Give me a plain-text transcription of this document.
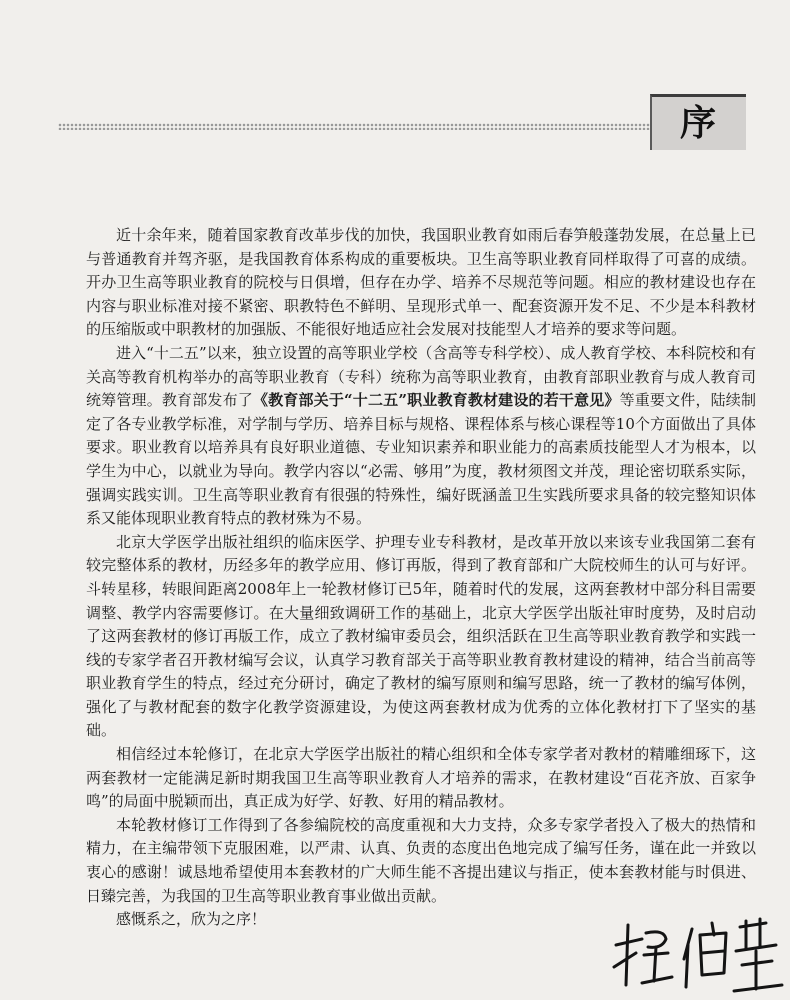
序

近十余年来，随着国家教育改革步伐的加快，我国职业教育如雨后春笋般蓬勃发展，在总量上已与普通教育并驾齐驱，是我国教育体系构成的重要板块。卫生高等职业教育同样取得了可喜的成绩。开办卫生高等职业教育的院校与日俱增，但存在办学、培养不尽规范等问题。相应的教材建设也存在内容与职业标准对接不紧密、职教特色不鲜明、呈现形式单一、配套资源开发不足、不少是本科教材的压缩版或中职教材的加强版、不能很好地适应社会发展对技能型人才培养的要求等问题。

进入“十二五”以来，独立设置的高等职业学校（含高等专科学校）、成人教育学校、本科院校和有关高等教育机构举办的高等职业教育（专科）统称为高等职业教育，由教育部职业教育与成人教育司统筹管理。教育部发布了《教育部关于“十二五”职业教育教材建设的若干意见》等重要文件，陆续制定了各专业教学标准，对学制与学历、培养目标与规格、课程体系与核心课程等10个方面做出了具体要求。职业教育以培养具有良好职业道德、专业知识素养和职业能力的高素质技能型人才为根本，以学生为中心，以就业为导向。教学内容以“必需、够用”为度，教材须图文并茂，理论密切联系实际，强调实践实训。卫生高等职业教育有很强的特殊性，编好既涵盖卫生实践所要求具备的较完整知识体系又能体现职业教育特点的教材殊为不易。

北京大学医学出版社组织的临床医学、护理专业专科教材，是改革开放以来该专业我国第二套有较完整体系的教材，历经多年的教学应用、修订再版，得到了教育部和广大院校师生的认可与好评。斗转星移，转眼间距离2008年上一轮教材修订已5年，随着时代的发展，这两套教材中部分科目需要调整、教学内容需要修订。在大量细致调研工作的基础上，北京大学医学出版社审时度势，及时启动了这两套教材的修订再版工作，成立了教材编审委员会，组织活跃在卫生高等职业教育教学和实践一线的专家学者召开教材编写会议，认真学习教育部关于高等职业教育教材建设的精神，结合当前高等职业教育学生的特点，经过充分研讨，确定了教材的编写原则和编写思路，统一了教材的编写体例，强化了与教材配套的数字化教学资源建设，为使这两套教材成为优秀的立体化教材打下了坚实的基础。

相信经过本轮修订，在北京大学医学出版社的精心组织和全体专家学者对教材的精雕细琢下，这两套教材一定能满足新时期我国卫生高等职业教育人才培养的需求，在教材建设“百花齐放、百家争鸣”的局面中脱颖而出，真正成为好学、好教、好用的精品教材。

本轮教材修订工作得到了各参编院校的高度重视和大力支持，众多专家学者投入了极大的热情和精力，在主编带领下克服困难，以严肃、认真、负责的态度出色地完成了编写任务，谨在此一并致以衷心的感谢！诚恳地希望使用本套教材的广大师生能不吝提出建议与指正，使本套教材能与时俱进、日臻完善，为我国的卫生高等职业教育事业做出贡献。

感慨系之，欣为之序！
